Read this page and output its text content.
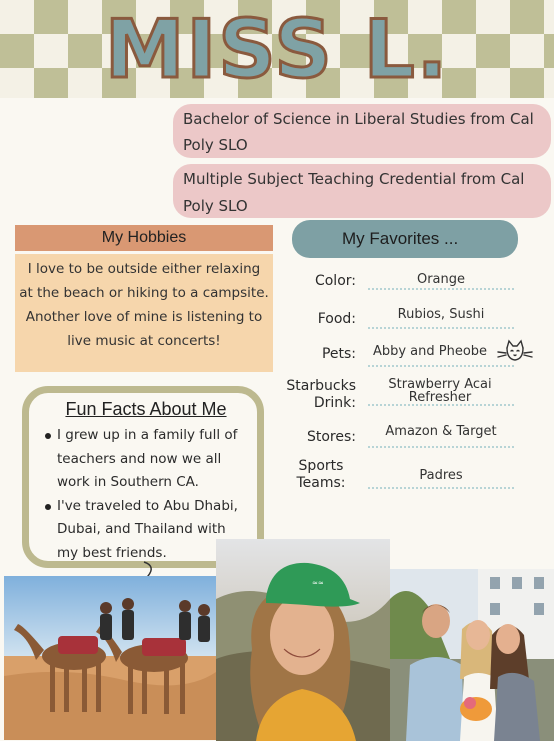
MISS L.
Bachelor of Science in Liberal Studies from Cal Poly SLO
Multiple Subject Teaching Credential from Cal Poly SLO
My Hobbies
I love to be outside either relaxing at the beach or hiking to a campsite. Another love of mine is listening to live music at concerts!
My Favorites ...
Color:	Orange
Food:	Rubios, Sushi
Pets:	Abby and Pheobe
Starbucks Drink:
Strawberry Acai Refresher
Stores:	Amazon & Target
Sports Teams:	Padres
Fun Facts About Me
I grew up in a family full of teachers and now we all work in Southern CA.
I've traveled to Abu Dhabi, Dubai, and Thailand with my best friends.
≈≈
